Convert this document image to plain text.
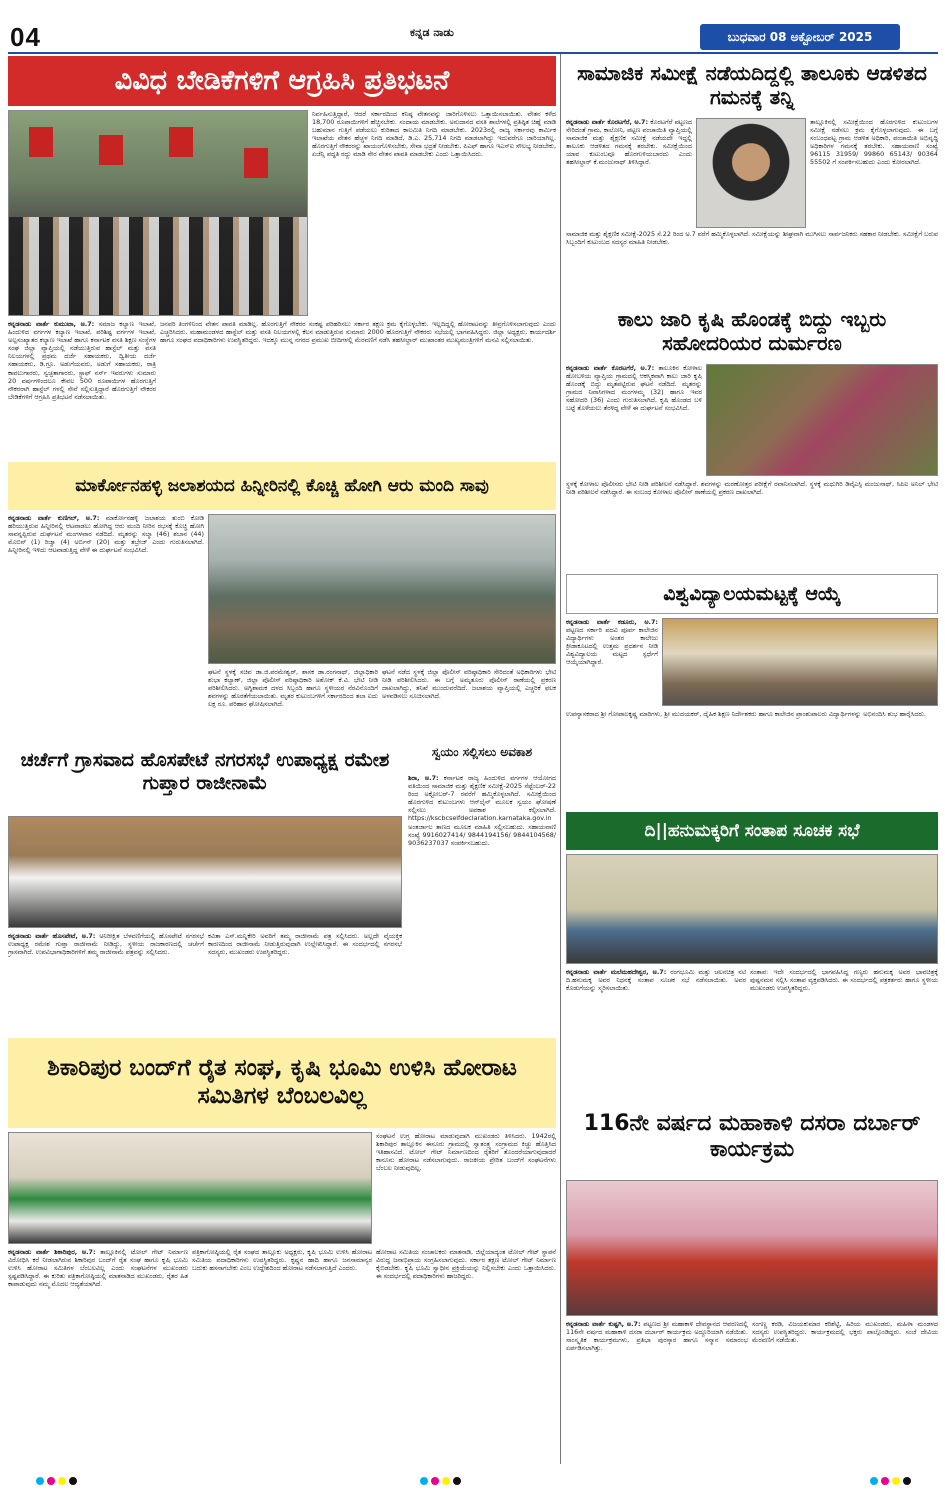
04	ಕನ್ನಡ ನಾಡು	ಬುಧವಾರ 08 ಅಕ್ಟೋಬರ್ 2025
ವಿವಿಧ ಬೇಡಿಕೆಗಳಿಗೆ ಆಗ್ರಹಿಸಿ ಪ್ರತಿಭಟನೆ
ಕನ್ನಡನಾಡು ವಾರ್ತೆ ಕುಮುಟಾ, ಅ.7: ಸಮಾಜ ಕಲ್ಯಾಣ ಇಲಾಖೆ, ಹಿಂದುಳಿದ ವರ್ಗಗಳ ಕಲ್ಯಾಣ ಇಲಾಖೆ, ಪರಿಶಿಷ್ಟ ವರ್ಗಗಳ ಇಲಾಖೆ, ಅಲ್ಪಸಂಖ್ಯಾತರ ಕಲ್ಯಾಣ ಇಲಾಖೆ ಹಾಗೂ ಕರ್ನಾಟಕ ವಸತಿ ಶಿಕ್ಷಣ ಸಂಸ್ಥೆಗಳ ಸಂಘ ಜಿಲ್ಲಾ ವ್ಯಾಪ್ತಿಯಲ್ಲಿ ನಡೆಯುತ್ತಿರುವ ಹಾಸ್ಟೆಲ್ ಮತ್ತು ವಸತಿ ನಿಲಯಗಳಲ್ಲಿ ಪ್ರಥಮ ದರ್ಜೆ ಸಹಾಯಕರು, ದ್ವಿತೀಯ ದರ್ಜೆ ಸಹಾಯಕರು, ಡಿ.ಗ್ರೂ. ಅಡುಗೆಯವರು, ಅಡುಗೆ ಸಹಾಯಕರು, ರಾತ್ರಿ ಕಾವಲುಗಾರರು, ಸ್ವಚ್ಛತಾಗಾರರು, ಸ್ಟಾಫ್ ನರ್ಸ್ ಇವರುಗಳು ಸುಮಾರು 20 ವರ್ಷಗಳಿಂದಲೂ ಕೇವಲ 500 ರೂಪಾಯಿಗಳ ಹೊರಗುತ್ತಿಗೆ ನೌಕರರಾಗಿ ಹಾಸ್ಟೆಲ್ ಗಳಲ್ಲಿ ಸೇವೆ ಸಲ್ಲಿಸುತ್ತಿದ್ದಾರೆ ಹೊರಗುತ್ತಿಗೆ ನೌಕರರ ಬೇಡಿಕೆಗಳಿಗೆ ಆಗ್ರಹಿಸಿ ಪ್ರತಿಭಟನೆ ನಡೆಸಲಾಯಿತು.
ನಿರ್ವಹಿಸುತ್ತಿದ್ದಾರೆ, ಆದರೆ ಸರ್ಕಾರದಿಂದ ಕನಿಷ್ಠ ವೇತನವನ್ನು ಜಾರಿಗೊಳಿಸಲು ಒತ್ತಾಯಿಸಲಾಯಿತು. ವೇತನ ಕಳೆದ 18,700 ರೂಪಾಯಿಗಳಿಗೆ ಹೆಚ್ಚಿಸಬೇಕು. ಸಂದಾಯ ಮಾಡಬೇಕು. ಅನುದಾನದ ವಸತಿ ಶಾಲೆಗಳಲ್ಲಿ ಪ್ರತಿಷ್ಠಿತ ಚಿಹ್ನೆ ಮಾಡಿ ಬಹುಮಾನ ಗುತ್ತಿಗೆ ಪಡೆಯಲು ಕುರಿತಾದ ಕಾಲಮಿತಿ ನಿಗದಿ ಮಾಡಬೇಕು. 2023ರಲ್ಲಿ ರಾಜ್ಯ ಸರ್ಕಾರವು ಕಾರ್ಮಿಕ ಇಲಾಖೆಯ ವೇತನ ಹೆಚ್ಚಳ ನಿಗದಿ ಮಾಡಿದೆ, ಡಿ.ಎ. 25,714 ನಿಗದಿ ಮಾಡಲಾಗಿದ್ದು ಇದುವರೆಗೂ ಜಾರಿಯಾಗಿಲ್ಲ. ಹೊರಗುತ್ತಿಗೆ ನೌಕರರನ್ನು ಖಾಯಂಗೊಳಿಸಬೇಕು, ಸೇವಾ ಭದ್ರತೆ ನೀಡಬೇಕು, ಪಿಎಫ್ ಹಾಗೂ ಇಎಸ್ಐ ಸೌಲಭ್ಯ ನೀಡಬೇಕು, ಏಜೆನ್ಸಿ ಪದ್ಧತಿ ರದ್ದು ಮಾಡಿ ನೇರ ವೇತನ ಪಾವತಿ ಮಾಡಬೇಕು ಎಂದು ಒತ್ತಾಯಿಸಿದರು.
ಜನವರಿ ತಿಂಗಳಿನಿಂದ ವೇತನ ಪಾವತಿ ಮಾಡಿಲ್ಲ. ಹೊರಗುತ್ತಿಗೆ ನೌಕರರ ಸಂಕಷ್ಟ ಪರಿಹರಿಸಲು ಸರ್ಕಾರ ತಕ್ಷಣ ಕ್ರಮ ಕೈಗೊಳ್ಳಬೇಕು. ಇಲ್ಲದಿದ್ದಲ್ಲಿ ಹೋರಾಟವನ್ನು ತೀವ್ರಗೊಳಿಸಲಾಗುವುದು ಎಂದು ಎಚ್ಚರಿಸಿದರು. ಮಹಾಮಂಡಳದ ಹಾಸ್ಟೆಲ್ ಮತ್ತು ವಸತಿ ನಿಲಯಗಳಲ್ಲಿ ಕೆಲಸ ಮಾಡುತ್ತಿರುವ ಸುಮಾರು 2000 ಹೊರಗುತ್ತಿಗೆ ನೌಕರರು ಸಭೆಯಲ್ಲಿ ಭಾಗವಹಿಸಿದ್ದರು. ಜಿಲ್ಲಾ ಅಧ್ಯಕ್ಷರು, ಕಾರ್ಯದರ್ಶಿ ಹಾಗೂ ಸಂಘದ ಪದಾಧಿಕಾರಿಗಳು ಉಪಸ್ಥಿತರಿದ್ದರು. ಇದಕ್ಕೂ ಮುನ್ನ ನಗರದ ಪ್ರಮುಖ ಬೀದಿಗಳಲ್ಲಿ ಮೆರವಣಿಗೆ ನಡೆಸಿ ತಹಸೀಲ್ದಾರ್ ಮುಖಾಂತರ ಮುಖ್ಯಮಂತ್ರಿಗಳಿಗೆ ಮನವಿ ಸಲ್ಲಿಸಲಾಯಿತು.
ಸಾಮಾಜಿಕ ಸಮೀಕ್ಷೆ ನಡೆಯದಿದ್ದಲ್ಲಿ ತಾಲೂಕು ಆಡಳಿತದ ಗಮನಕ್ಕೆ ತನ್ನಿ
ಕನ್ನಡನಾಡು ವಾರ್ತೆ ಕೊರಟಗೆರೆ, ಅ.7: ಕೊರಟಗೆರೆ ಪಟ್ಟಣದ ಸೇರಿದಂತೆ ಗ್ರಾಮ, ಕಾಲೋನಿ, ಪಟ್ಟಣ ಪಂಚಾಯಿತಿ ವ್ಯಾಪ್ತಿಯಲ್ಲಿ ಸಾಮಾಜಿಕ ಮತ್ತು ಶೈಕ್ಷಣಿಕ ಸಮೀಕ್ಷೆ ನಡೆಯದೇ ಇದ್ದಲ್ಲಿ ತಾಲೂಕು ಆಡಳಿತದ ಗಮನಕ್ಕೆ ತರಬೇಕು. ಸಮೀಕ್ಷೆಯಿಂದ ಯಾವ ಕುಟುಂಬವೂ ಹೊರಗುಳಿಯಬಾರದು ಎಂದು ತಹಸೀಲ್ದಾರ್ ಕೆ.ಮಂಜುನಾಥ್ ತಿಳಿಸಿದ್ದಾರೆ.
ತಾಲ್ಲೂಕಿನಲ್ಲಿ ಸಮೀಕ್ಷೆಯಿಂದ ಹೊರಗುಳಿದ ಕುಟುಂಬಗಳ ಸಮೀಕ್ಷೆ ನಡೆಸಲು ಕ್ರಮ ಕೈಗೊಳ್ಳಲಾಗುವುದು. ಈ ಬಗ್ಗೆ ಸಂಬಂಧಪಟ್ಟ ಗ್ರಾಮ ಆಡಳಿತ ಅಧಿಕಾರಿ, ಪಂಚಾಯಿತಿ ಅಭಿವೃದ್ಧಿ ಅಧಿಕಾರಿಗಳ ಗಮನಕ್ಕೆ ತರಬೇಕು. ಸಹಾಯವಾಣಿ ಸಂಖ್ಯೆ 96115 31959/ 99860 65143/ 90364 55502 ಗೆ ಸಂಪರ್ಕಿಸಬಹುದು ಎಂದು ಕೋರಲಾಗಿದೆ.
ಸಾಮಾಜಿಕ ಮತ್ತು ಶೈಕ್ಷಣಿಕ ಸಮೀಕ್ಷೆ-2025 ಸೆ.22 ರಿಂದ ಅ.7 ವರೆಗೆ ಹಮ್ಮಿಕೊಳ್ಳಲಾಗಿದೆ. ಸಮೀಕ್ಷೆಯನ್ನು ಶೀಘ್ರವಾಗಿ ಮುಗಿಸಲು ಸಾರ್ವಜನಿಕರು ಸಹಕಾರ ನೀಡಬೇಕು. ಸಮೀಕ್ಷೆಗೆ ಬರುವ ಸಿಬ್ಬಂದಿಗೆ ಕುಟುಂಬದ ಸದಸ್ಯರ ಮಾಹಿತಿ ನೀಡಬೇಕು.
ಕಾಲು ಜಾರಿ ಕೃಷಿ ಹೊಂಡಕ್ಕೆ ಬಿದ್ದು ಇಬ್ಬರು ಸಹೋದರಿಯರ ದುರ್ಮರಣ
ಕನ್ನಡನಾಡು ವಾರ್ತೆ ಕೊರಟಗೆರೆ, ಅ.7: ತಾಲೂಕಿನ ಕೋಳಾಲ ಹೋಬಳಿಯ ವ್ಯಾಪ್ತಿಯ ಗ್ರಾಮದಲ್ಲಿ ಆಕಸ್ಮಿಕವಾಗಿ ಕಾಲು ಜಾರಿ ಕೃಷಿ ಹೊಂಡಕ್ಕೆ ಬಿದ್ದು ಮೃತಪಟ್ಟಿರುವ ಘಟನೆ ನಡೆದಿದೆ. ಮೃತರನ್ನು ಗ್ರಾಮದ ನಿವಾಸಿಗಳಾದ ಮಂಗಳಮ್ಮ (32) ಹಾಗೂ ಇವರ ಸಹೋದರಿ (36) ಎಂದು ಗುರುತಿಸಲಾಗಿದೆ. ಕೃಷಿ ಹೊಂಡದ ಬಳಿ ಬಟ್ಟೆ ತೊಳೆಯಲು ತೆರಳಿದ್ದ ವೇಳೆ ಈ ದುರ್ಘಟನೆ ಸಂಭವಿಸಿದೆ.
ಸ್ಥಳಕ್ಕೆ ಕೋಳಾಲ ಪೊಲೀಸರು ಭೇಟಿ ನೀಡಿ ಪರಿಶೀಲನೆ ನಡೆಸಿದ್ದಾರೆ. ಶವಗಳನ್ನು ಮರಣೋತ್ತರ ಪರೀಕ್ಷೆಗೆ ರವಾನಿಸಲಾಗಿದೆ. ಸ್ಥಳಕ್ಕೆ ಮಧುಗಿರಿ ಡಿವೈಎಸ್ಪಿ ಮಂಜುನಾಥ್, ಸಿಪಿಐ ಅನಿಲ್ ಭೇಟಿ ನೀಡಿ ಪರಿಶೀಲನೆ ನಡೆಸಿದ್ದಾರೆ. ಈ ಸಂಬಂಧ ಕೋಳಾಲ ಪೊಲೀಸ್ ಠಾಣೆಯಲ್ಲಿ ಪ್ರಕರಣ ದಾಖಲಾಗಿದೆ.
ಮಾರ್ಕೋನಹಳ್ಳಿ ಜಲಾಶಯದ ಹಿನ್ನೀರಿನಲ್ಲಿ ಕೊಚ್ಚಿ ಹೋಗಿ ಆರು ಮಂದಿ ಸಾವು
ಕನ್ನಡನಾಡು ವಾರ್ತೆ ಕುಣಿಗಲ್, ಅ.7: ಮಾರ್ಕೋನಹಳ್ಳಿ ಜಲಾಶಯ ತುಂಬಿ ಕೋಡಿ ಹರಿಯುತ್ತಿರುವ ಹಿನ್ನೀರಿನಲ್ಲಿ ಆಟವಾಡಲು ಹೋಗಿದ್ದ ಆರು ಮಂದಿ ನೀರಿನ ರಭಸಕ್ಕೆ ಕೊಚ್ಚಿ ಹೋಗಿ ಸಾವನ್ನಪ್ಪಿರುವ ದುರ್ಘಟನೆ ಮಂಗಳವಾರ ನಡೆದಿದೆ. ಮೃತರನ್ನು ಸಲ್ಮಾ (46) ಶಬಾನ (44) ಮೊಬಿನ್ (1) ರಿಜ್ವಾ (4) ಅರ್ಬಿನ್ (20) ಮತ್ತು ತಬ್ರೇಜ್ ಎಂದು ಗುರುತಿಸಲಾಗಿದೆ. ಹಿನ್ನೀರಿನಲ್ಲಿ ಇಳಿದು ಆಟವಾಡುತ್ತಿದ್ದ ವೇಳೆ ಈ ದುರ್ಘಟನೆ ಸಂಭವಿಸಿದೆ.
ಘಟನೆ ಸ್ಥಳಕ್ಕೆ ಸಚಿವ ಡಾ.ಜಿ.ಪರಮೇಶ್ವರ್, ಶಾಸಕ ಡಾ.ರಂಗನಾಥ್, ಜಿಲ್ಲಾಧಿಕಾರಿ ಶುಭಾ ಕಲ್ಯಾಣ್, ಜಿಲ್ಲಾ ಪೊಲೀಸ್ ವರಿಷ್ಠಾಧಿಕಾರಿ ಅಶೋಕ್ ಕೆ.ವಿ. ಭೇಟಿ ನೀಡಿ ಪರಿಶೀಲಿಸಿದರು. ಅಗ್ನಿಶಾಮಕ ದಳದ ಸಿಬ್ಬಂದಿ ಹಾಗೂ ಸ್ಥಳೀಯರ ನೆರವಿನೊಂದಿಗೆ ಶವಗಳನ್ನು ಹೊರತೆಗೆಯಲಾಯಿತು. ಮೃತರ ಕುಟುಂಬಗಳಿಗೆ ಸರ್ಕಾರದಿಂದ ತಲಾ ಐದು ಲಕ್ಷ ರೂ. ಪರಿಹಾರ ಘೋಷಿಸಲಾಗಿದೆ.
ಘಟನೆ ನಡೆದ ಸ್ಥಳಕ್ಕೆ ಜಿಲ್ಲಾ ಪೊಲೀಸ್ ವರಿಷ್ಠಾಧಿಕಾರಿ ಸೇರಿದಂತೆ ಅಧಿಕಾರಿಗಳು ಭೇಟಿ ನೀಡಿ ಪರಿಶೀಲಿಸಿದರು. ಈ ಬಗ್ಗೆ ಅಮೃತೂರು ಪೊಲೀಸ್ ಠಾಣೆಯಲ್ಲಿ ಪ್ರಕರಣ ದಾಖಲಾಗಿದ್ದು, ತನಿಖೆ ಮುಂದುವರೆದಿದೆ. ಜಲಾಶಯ ವ್ಯಾಪ್ತಿಯಲ್ಲಿ ಎಚ್ಚರಿಕೆ ಫಲಕ ಅಳವಡಿಸಲು ಸೂಚಿಸಲಾಗಿದೆ.
ವಿಶ್ವವಿದ್ಯಾಲಯಮಟ್ಟಕ್ಕೆ ಆಯ್ಕೆ
ಕನ್ನಡನಾಡು ವಾರ್ತೆ ಕಡೂರು, ಅ.7: ಪಟ್ಟಣದ ಸರ್ಕಾರಿ ಪದವಿ ಪೂರ್ವ ಕಾಲೇಜಿನ ವಿದ್ಯಾರ್ಥಿಗಳು ಅಂತರ ಕಾಲೇಜು ಕ್ರೀಡಾಕೂಟದಲ್ಲಿ ಉತ್ತಮ ಪ್ರದರ್ಶನ ನೀಡಿ ವಿಶ್ವವಿದ್ಯಾಲಯ ಮಟ್ಟದ ಸ್ಪರ್ಧೆಗೆ ಆಯ್ಕೆಯಾಗಿದ್ದಾರೆ.
ಉಪನ್ಯಾಸಕರಾದ ಶ್ರೀ ಗೋಪಾಲಕೃಷ್ಣ ಮಾರಿಗಳು, ಶ್ರೀ ಮುದಯಕರ್, ದೈಹಿಕ ಶಿಕ್ಷಣ ನಿರ್ದೇಶಕರು ಹಾಗೂ ಕಾಲೇಜಿನ ಪ್ರಾಂಶುಪಾಲರು ವಿದ್ಯಾರ್ಥಿಗಳನ್ನು ಅಭಿನಂದಿಸಿ ಶುಭ ಹಾರೈಸಿದರು.
ಚರ್ಚೆಗೆ ಗ್ರಾಸವಾದ ಹೊಸಪೇಟೆ ನಗರಸಭೆ ಉಪಾಧ್ಯಕ್ಷ ರಮೇಶ ಗುಪ್ತಾರ ರಾಜೀನಾಮೆ
ಕನ್ನಡನಾಡು ವಾರ್ತೆ ಹೊಸಪೇಟೆ, ಅ.7: ಅನಿರೀಕ್ಷಿತ ಬೆಳವಣಿಗೆಯಲ್ಲಿ ಹೊಸಪೇಟೆ ನಗರಸಭೆ ಉಪಾಧ್ಯಕ್ಷ ರಮೇಶ ಗುಪ್ತಾ ರಾಜೀನಾಮೆ ನೀಡಿದ್ದು, ಸ್ಥಳೀಯ ರಾಜಕಾರಣದಲ್ಲಿ ಚರ್ಚೆಗೆ ಗ್ರಾಸವಾಗಿದೆ. ಉಪವಿಭಾಗಾಧಿಕಾರಿಗಳಿಗೆ ತಮ್ಮ ರಾಜೀನಾಮೆ ಪತ್ರವನ್ನು ಸಲ್ಲಿಸಿದರು.
ಕವಿತಾ ಎಸ್.ಮನ್ನಿಕೇರಿ ಅವರಿಗೆ ತಮ್ಮ ರಾಜೀನಾಮೆ ಪತ್ರ ಸಲ್ಲಿಸಿದರು. ಅಲ್ಲದೇ ವೈಯಕ್ತಿಕ ಕಾರಣದಿಂದ ರಾಜೀನಾಮೆ ನೀಡುತ್ತಿರುವುದಾಗಿ ಉಲ್ಲೇಖಿಸಿದ್ದಾರೆ. ಈ ಸಂದರ್ಭದಲ್ಲಿ ನಗರಸಭೆ ಸದಸ್ಯರು, ಮುಖಂಡರು ಉಪಸ್ಥಿತರಿದ್ದರು.
ಸ್ವಯಂ ಸಲ್ಲಿಸಲು ಅವಕಾಶ
ಶಿರಾ, ಅ.7: ಕರ್ನಾಟಕ ರಾಜ್ಯ ಹಿಂದುಳಿದ ವರ್ಗಗಳ ಆಯೋಗದ ವತಿಯಿಂದ ಸಾಮಾಜಿಕ ಮತ್ತು ಶೈಕ್ಷಣಿಕ ಸಮೀಕ್ಷೆ-2025 ಸೆಪ್ಟೆಂಬರ್-22 ರಿಂದ ಅಕ್ಟೋಬರ್-7 ರವರೆಗೆ ಹಮ್ಮಿಕೊಳ್ಳಲಾಗಿದೆ. ಸಮೀಕ್ಷೆಯಿಂದ ಹೊರಗುಳಿದ ಕುಟುಂಬಗಳು ಆನ್‌ಲೈನ್ ಮೂಲಕ ಸ್ವಯಂ ಘೋಷಣೆ ಸಲ್ಲಿಸಲು ಅವಕಾಶ ಕಲ್ಪಿಸಲಾಗಿದೆ. https://kscbcselfdeclaration.karnataka.gov.in ಅಂತರ್ಜಾಲ ತಾಣದ ಮೂಲಕ ಮಾಹಿತಿ ಸಲ್ಲಿಸಬಹುದು. ಸಹಾಯವಾಣಿ ಸಂಖ್ಯೆ 9916027414/ 9844194156/ 9844104568/ 9036237037 ಸಂಪರ್ಕಿಸಬಹುದು.
ದಿ||ಹನುಮಕ್ಕರಿಗೆ ಸಂತಾಪ ಸೂಚಕ ಸಭೆ
ಕನ್ನಡನಾಡು ವಾರ್ತೆ ಮಲೆಮಹದೇಶ್ವರ, ಅ.7: ರಂಗಭೂಮಿ ಮತ್ತು ಚಲನಚಿತ್ರ ನಟಿ ದಿ.ಹನುಮಕ್ಕ ಅವರ ನಿಧನಕ್ಕೆ ಸಂತಾಪ ಸೂಚಕ ಸಭೆ ನಡೆಸಲಾಯಿತು. ಅವರ ಕೊಡುಗೆಯನ್ನು ಸ್ಮರಿಸಲಾಯಿತು.
ಸಂತಾಪ: ಇದೇ ಸಂದರ್ಭದಲ್ಲಿ ಭಾಗವಹಿಸಿದ್ದ ಗಣ್ಯರು ಹನುಮಕ್ಕ ಅವರ ಭಾವಚಿತ್ರಕ್ಕೆ ಪುಷ್ಪನಮನ ಸಲ್ಲಿಸಿ ಸಂತಾಪ ವ್ಯಕ್ತಪಡಿಸಿದರು. ಈ ಸಂದರ್ಭದಲ್ಲಿ ಪತ್ರಕರ್ತರು ಹಾಗೂ ಸ್ಥಳೀಯ ಮುಖಂಡರು ಉಪಸ್ಥಿತರಿದ್ದರು.
ಶಿಕಾರಿಪುರ ಬಂದ್‌ಗೆ ರೈತ ಸಂಘ, ಕೃಷಿ ಭೂಮಿ ಉಳಿಸಿ ಹೋರಾಟ ಸಮಿತಿಗಳ ಬೆಂಬಲವಿಲ್ಲ
ಸಂಘಟನೆ ಉಗ್ರ ಹೋರಾಟ ಮಾಡುವುದಾಗಿ ಮುಖಂಡರು ತಿಳಿಸಿದರು. 1942ರಲ್ಲಿ ಶಿಕಾರಿಪುರ ತಾಲ್ಲೂಕಿನ ಈಸೂರು ಗ್ರಾಮದಲ್ಲಿ ಸ್ವಾತಂತ್ರ್ಯ ಸಂಗ್ರಾಮದ ಕಿಚ್ಚು ಹೊತ್ತಿಸಿದ ಇತಿಹಾಸವಿದೆ. ಟೋಲ್ ಗೇಟ್ ನಿರ್ಮಾಣದಿಂದ ರೈತರಿಗೆ ತೊಂದರೆಯಾಗುವುದಾದರೆ ಕಾನೂನು ಹೋರಾಟ ನಡೆಸಲಾಗುವುದು. ರಾಜಕೀಯ ಪ್ರೇರಿತ ಬಂದ್‌ಗೆ ಸಂಘಟನೆಗಳು ಬೆಂಬಲ ನೀಡುವುದಿಲ್ಲ.
ಕನ್ನಡನಾಡು ವಾರ್ತೆ ಶಿಕಾರಿಪುರ, ಅ.7: ತಾಲ್ಲೂಕಿನಲ್ಲಿ ಟೋಲ್ ಗೇಟ್ ನಿರ್ಮಾಣ ವಿರೋಧಿಸಿ ಕರೆ ನೀಡಲಾಗಿರುವ ಶಿಕಾರಿಪುರ ಬಂದ್‌ಗೆ ರೈತ ಸಂಘ ಹಾಗೂ ಕೃಷಿ ಭೂಮಿ ಉಳಿಸಿ ಹೋರಾಟ ಸಮಿತಿಗಳ ಬೆಂಬಲವಿಲ್ಲ ಎಂದು ಸಂಘಟನೆಗಳ ಮುಖಂಡರು ಸ್ಪಷ್ಟಪಡಿಸಿದ್ದಾರೆ. ಈ ಕುರಿತು ಪತ್ರಿಕಾಗೋಷ್ಠಿಯಲ್ಲಿ ಮಾತನಾಡಿದ ಮುಖಂಡರು, ರೈತರ ಹಿತ ಕಾಪಾಡುವುದು ನಮ್ಮ ಮೊದಲ ಆದ್ಯತೆಯಾಗಿದೆ.
ಪತ್ರಿಕಾಗೋಷ್ಠಿಯಲ್ಲಿ ರೈತ ಸಂಘದ ತಾಲ್ಲೂಕು ಅಧ್ಯಕ್ಷರು, ಕೃಷಿ ಭೂಮಿ ಉಳಿಸಿ ಹೋರಾಟ ಸಮಿತಿಯ ಪದಾಧಿಕಾರಿಗಳು ಉಪಸ್ಥಿತರಿದ್ದರು. ಕೃಷ್ಣನ ಹಾದಿ ಹಾಗೂ ಜನಸಾಮಾನ್ಯರ ಬದುಕು ಹಸನಾಗಬೇಕು ಎಂಬ ಉದ್ದೇಶದಿಂದ ಹೋರಾಟ ನಡೆಸಲಾಗುತ್ತಿದೆ ಎಂದರು.
ಹೋರಾಟ ಸಮಿತಿಯ ಸಂಚಾಲಕರು ಮಾತನಾಡಿ, ಜಿಲ್ಲೆಯಾದ್ಯಂತ ಟೋಲ್ ಗೇಟ್ ಸ್ಥಾಪನೆ ವಿರುದ್ಧ ಜನಾಭಿಪ್ರಾಯ ಸಂಗ್ರಹಿಸಲಾಗುವುದು. ಸರ್ಕಾರ ತಕ್ಷಣ ಟೋಲ್ ಗೇಟ್ ನಿರ್ಮಾಣ ಕೈಬಿಡಬೇಕು. ಕೃಷಿ ಭೂಮಿ ಸ್ವಾಧೀನ ಪ್ರಕ್ರಿಯೆಯನ್ನು ನಿಲ್ಲಿಸಬೇಕು ಎಂದು ಒತ್ತಾಯಿಸಿದರು. ಈ ಸಂದರ್ಭದಲ್ಲಿ ಪದಾಧಿಕಾರಿಗಳು ಹಾಜರಿದ್ದರು.
116ನೇ ವರ್ಷದ ಮಹಾಕಾಳಿ ದಸರಾ ದರ್ಬಾರ್ ಕಾರ್ಯಕ್ರಮ
ಕನ್ನಡನಾಡು ವಾರ್ತೆ ಕುಷ್ಟಗಿ, ಅ.7: ಪಟ್ಟಣದ ಶ್ರೀ ಮಹಾಕಾಳಿ ದೇವಸ್ಥಾನದ ಆವರಣದಲ್ಲಿ 116ನೇ ವರ್ಷದ ಮಹಾಕಾಳಿ ದಸರಾ ದರ್ಬಾರ್ ಕಾರ್ಯಕ್ರಮ ಅದ್ದೂರಿಯಾಗಿ ನಡೆಯಿತು. ಸಾಂಸ್ಕೃತಿಕ ಕಾರ್ಯಕ್ರಮಗಳು, ಪ್ರತಿಭಾ ಪುರಸ್ಕಾರ ಹಾಗೂ ಸನ್ಮಾನ ಸಮಾರಂಭ ಏರ್ಪಡಿಸಲಾಗಿತ್ತು.
ಸಂಗಣ್ಣ ಕರಡಿ, ವಿಜಯಕುಮಾರ ಕರಿಶೆಟ್ಟಿ, ಹಿರಿಯ ಮುಖಂಡರು, ಮಹಿಳಾ ಮಂಡಳದ ಸದಸ್ಯರು ಉಪಸ್ಥಿತರಿದ್ದರು. ಕಾರ್ಯಕ್ರಮದಲ್ಲಿ ಭಕ್ತರು ಪಾಲ್ಗೊಂಡಿದ್ದರು. ಸಂಜೆ ದೇವಿಯ ಮೆರವಣಿಗೆ ನಡೆಯಿತು.
